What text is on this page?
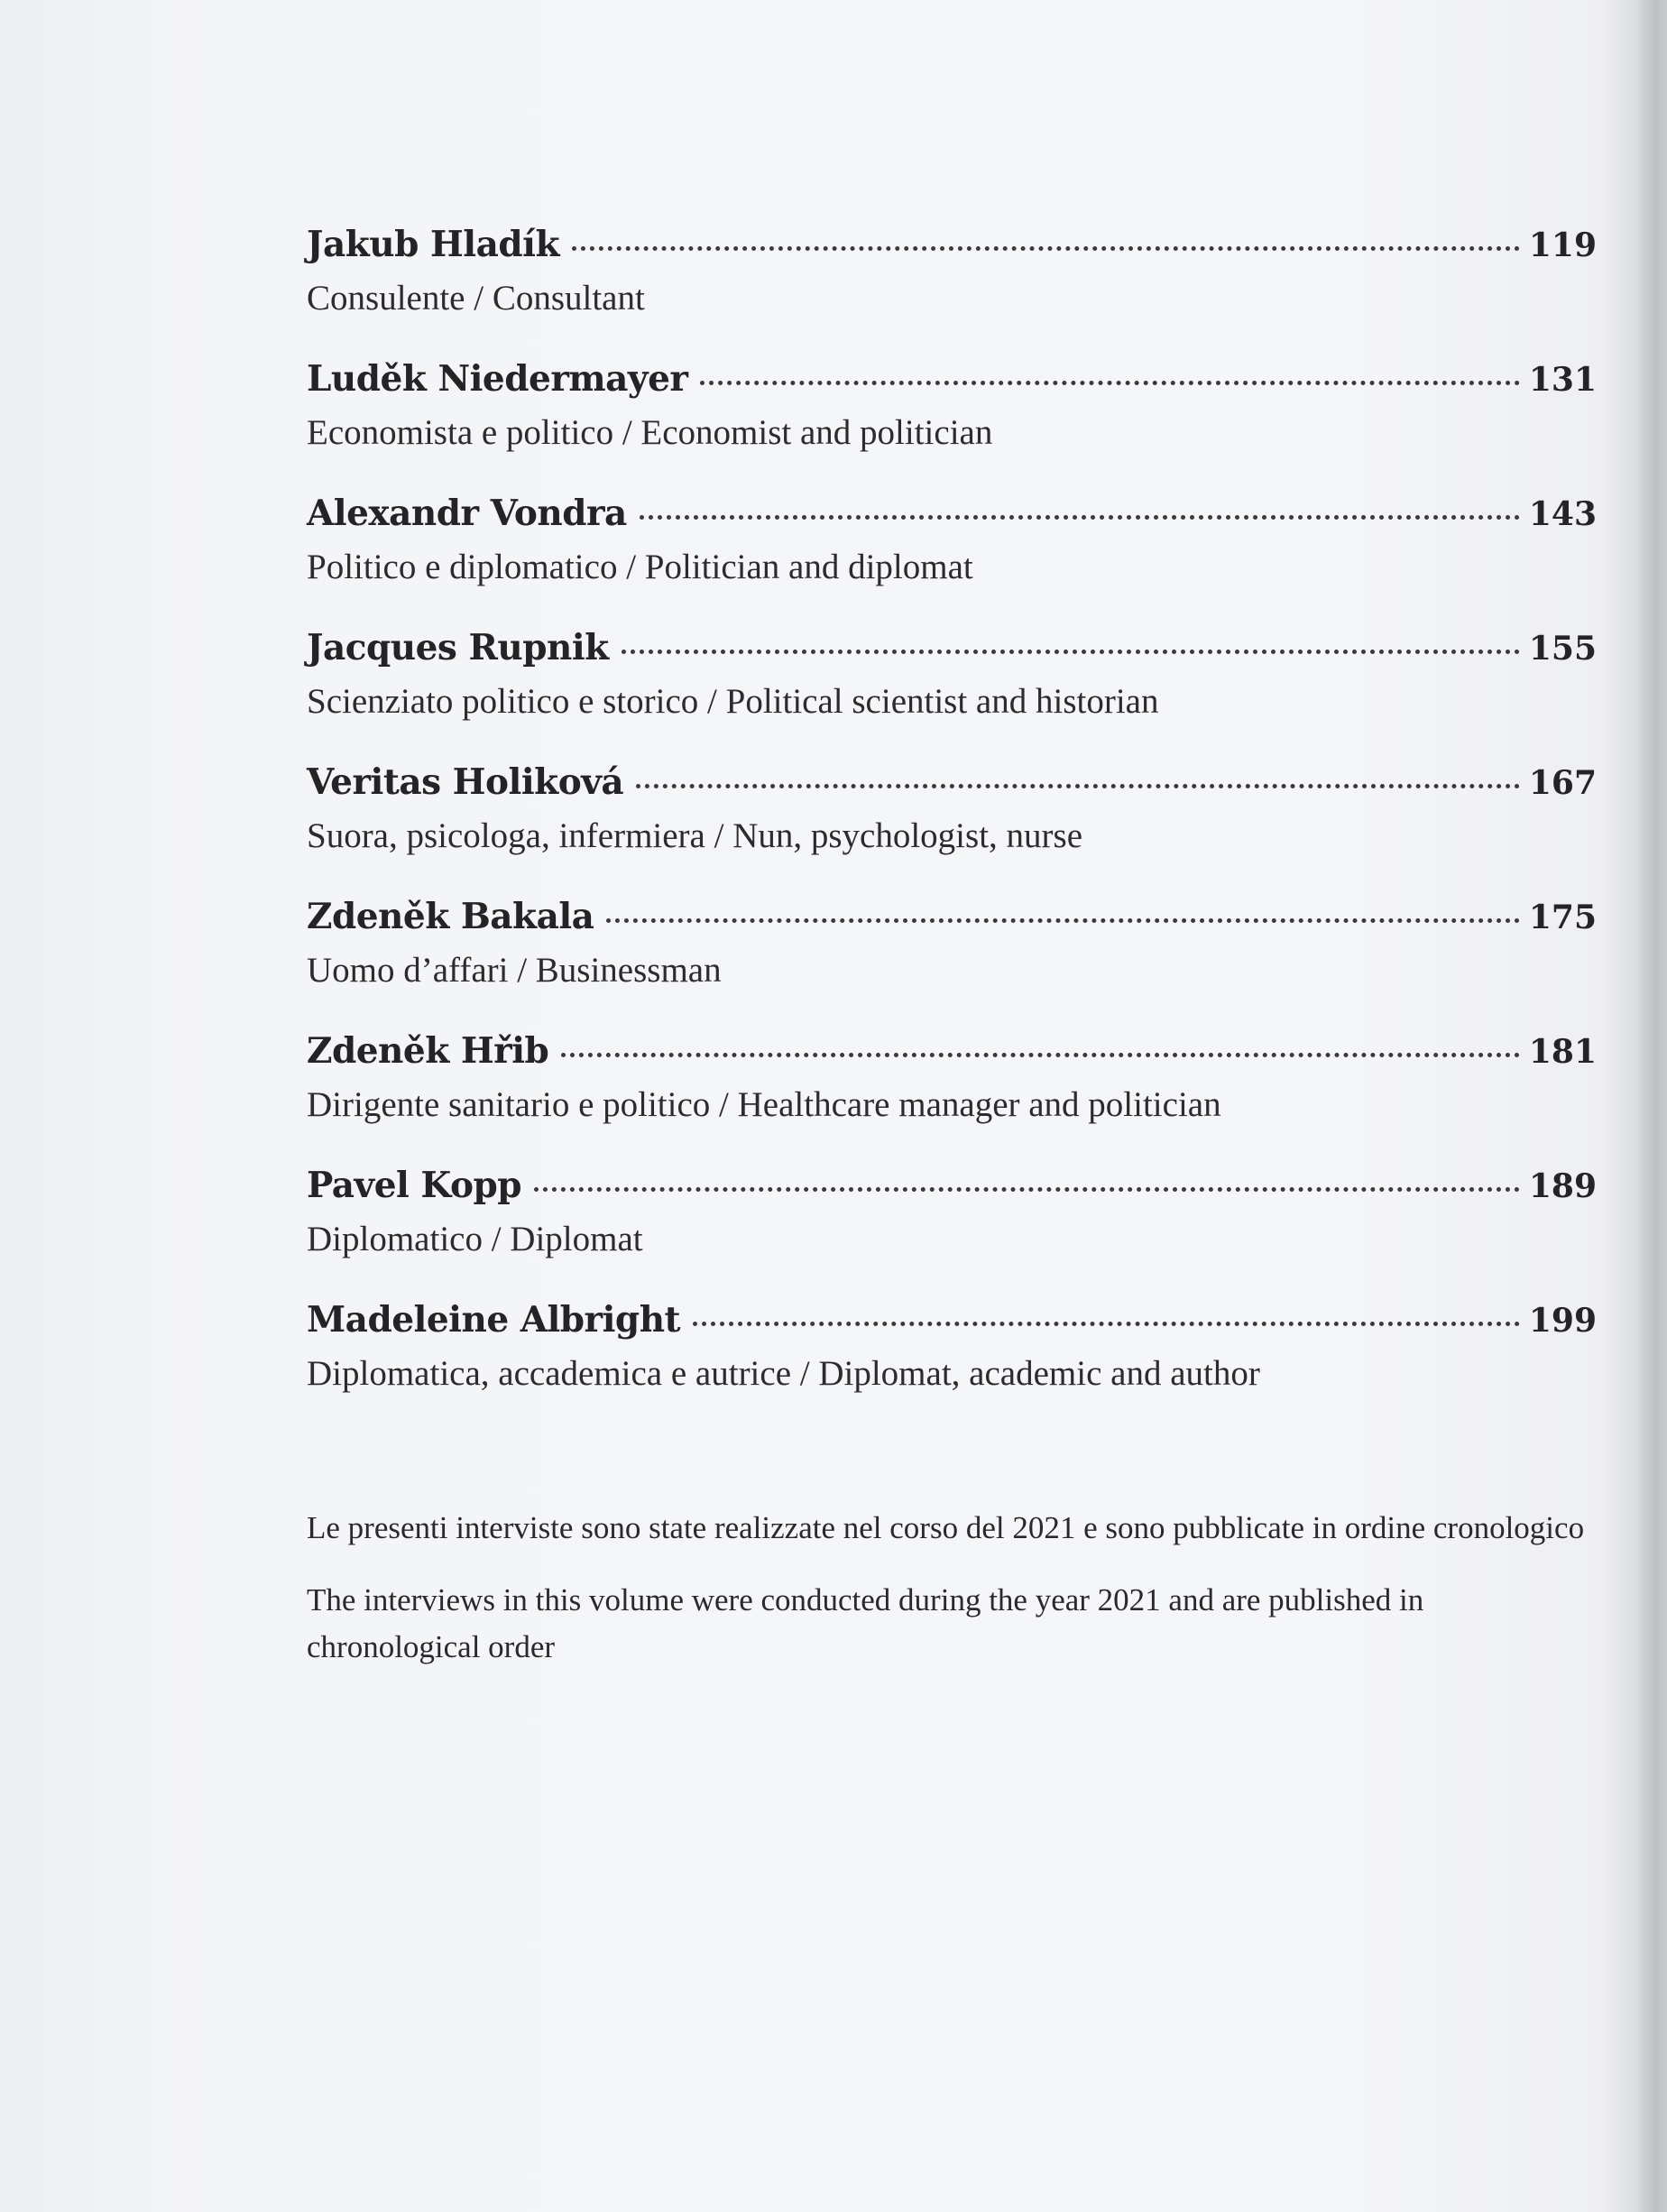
Jakub Hladík	119
Consulente / Consultant
Luděk Niedermayer	131
Economista e politico / Economist and politician
Alexandr Vondra	143
Politico e diplomatico / Politician and diplomat
Jacques Rupnik	155
Scienziato politico e storico / Political scientist and historian
Veritas Holiková	167
Suora, psicologa, infermiera / Nun, psychologist, nurse
Zdeněk Bakala	175
Uomo d’affari / Businessman
Zdeněk Hřib	181
Dirigente sanitario e politico / Healthcare manager and politician
Pavel Kopp	189
Diplomatico / Diplomat
Madeleine Albright	199
Diplomatica, accademica e autrice / Diplomat, academic and author
Le presenti interviste sono state realizzate nel corso del 2021 e sono pubblicate in ordine cronologico
The interviews in this volume were conducted during the year 2021 and are published in chronological order
